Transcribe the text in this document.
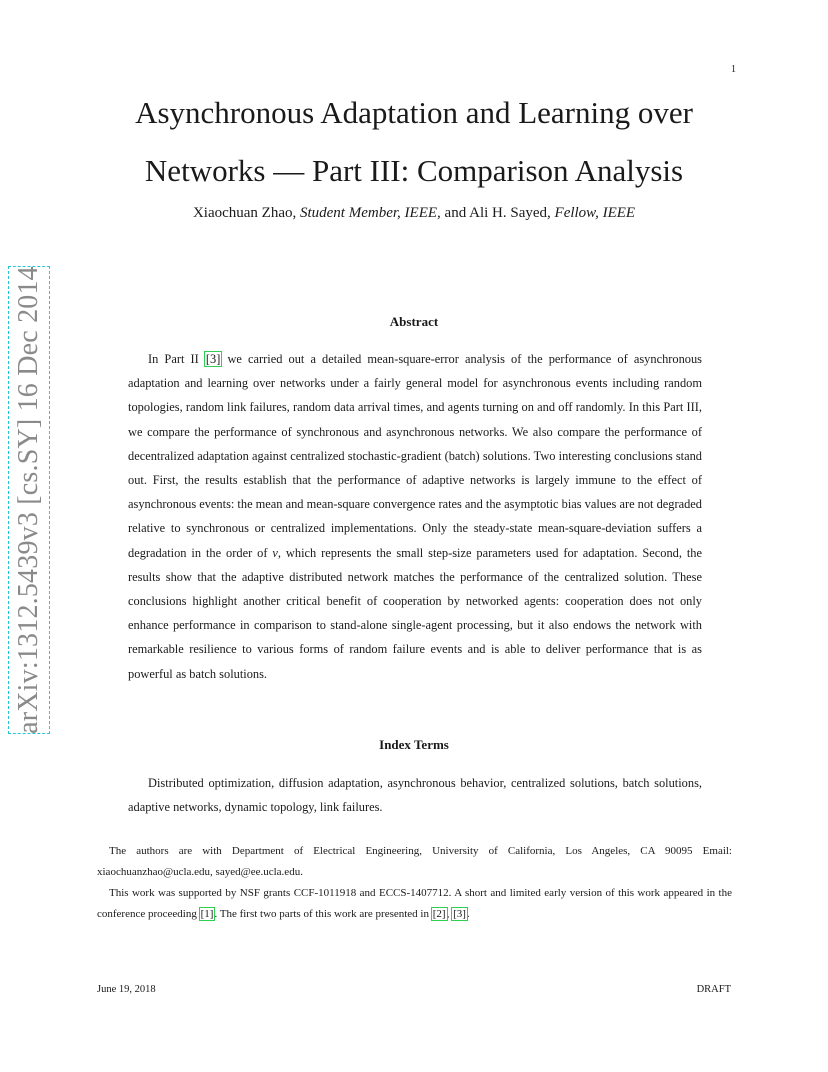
1
arXiv:1312.5439v3 [cs.SY] 16 Dec 2014
Asynchronous Adaptation and Learning over
Networks — Part III: Comparison Analysis
Xiaochuan Zhao, Student Member, IEEE, and Ali H. Sayed, Fellow, IEEE
Abstract

In Part II [3] we carried out a detailed mean-square-error analysis of the performance of asynchronous adaptation and learning over networks under a fairly general model for asynchronous events including random topologies, random link failures, random data arrival times, and agents turning on and off randomly. In this Part III, we compare the performance of synchronous and asynchronous networks. We also compare the performance of decentralized adaptation against centralized stochastic-gradient (batch) solutions. Two interesting conclusions stand out. First, the results establish that the performance of adaptive networks is largely immune to the effect of asynchronous events: the mean and mean-square convergence rates and the asymptotic bias values are not degraded relative to synchronous or centralized implementations. Only the steady-state mean-square-deviation suffers a degradation in the order of ν, which represents the small step-size parameters used for adaptation. Second, the results show that the adaptive distributed network matches the performance of the centralized solution. These conclusions highlight another critical benefit of cooperation by networked agents: cooperation does not only enhance performance in comparison to stand-alone single-agent processing, but it also endows the network with remarkable resilience to various forms of random failure events and is able to deliver performance that is as powerful as batch solutions.

Index Terms

Distributed optimization, diffusion adaptation, asynchronous behavior, centralized solutions, batch solutions, adaptive networks, dynamic topology, link failures.

The authors are with Department of Electrical Engineering, University of California, Los Angeles, CA 90095 Email: xiaochuanzhao@ucla.edu, sayed@ee.ucla.edu.

This work was supported by NSF grants CCF-1011918 and ECCS-1407712. A short and limited early version of this work appeared in the conference proceeding [1]. The first two parts of this work are presented in [2], [3].

June 19, 2018	DRAFT
